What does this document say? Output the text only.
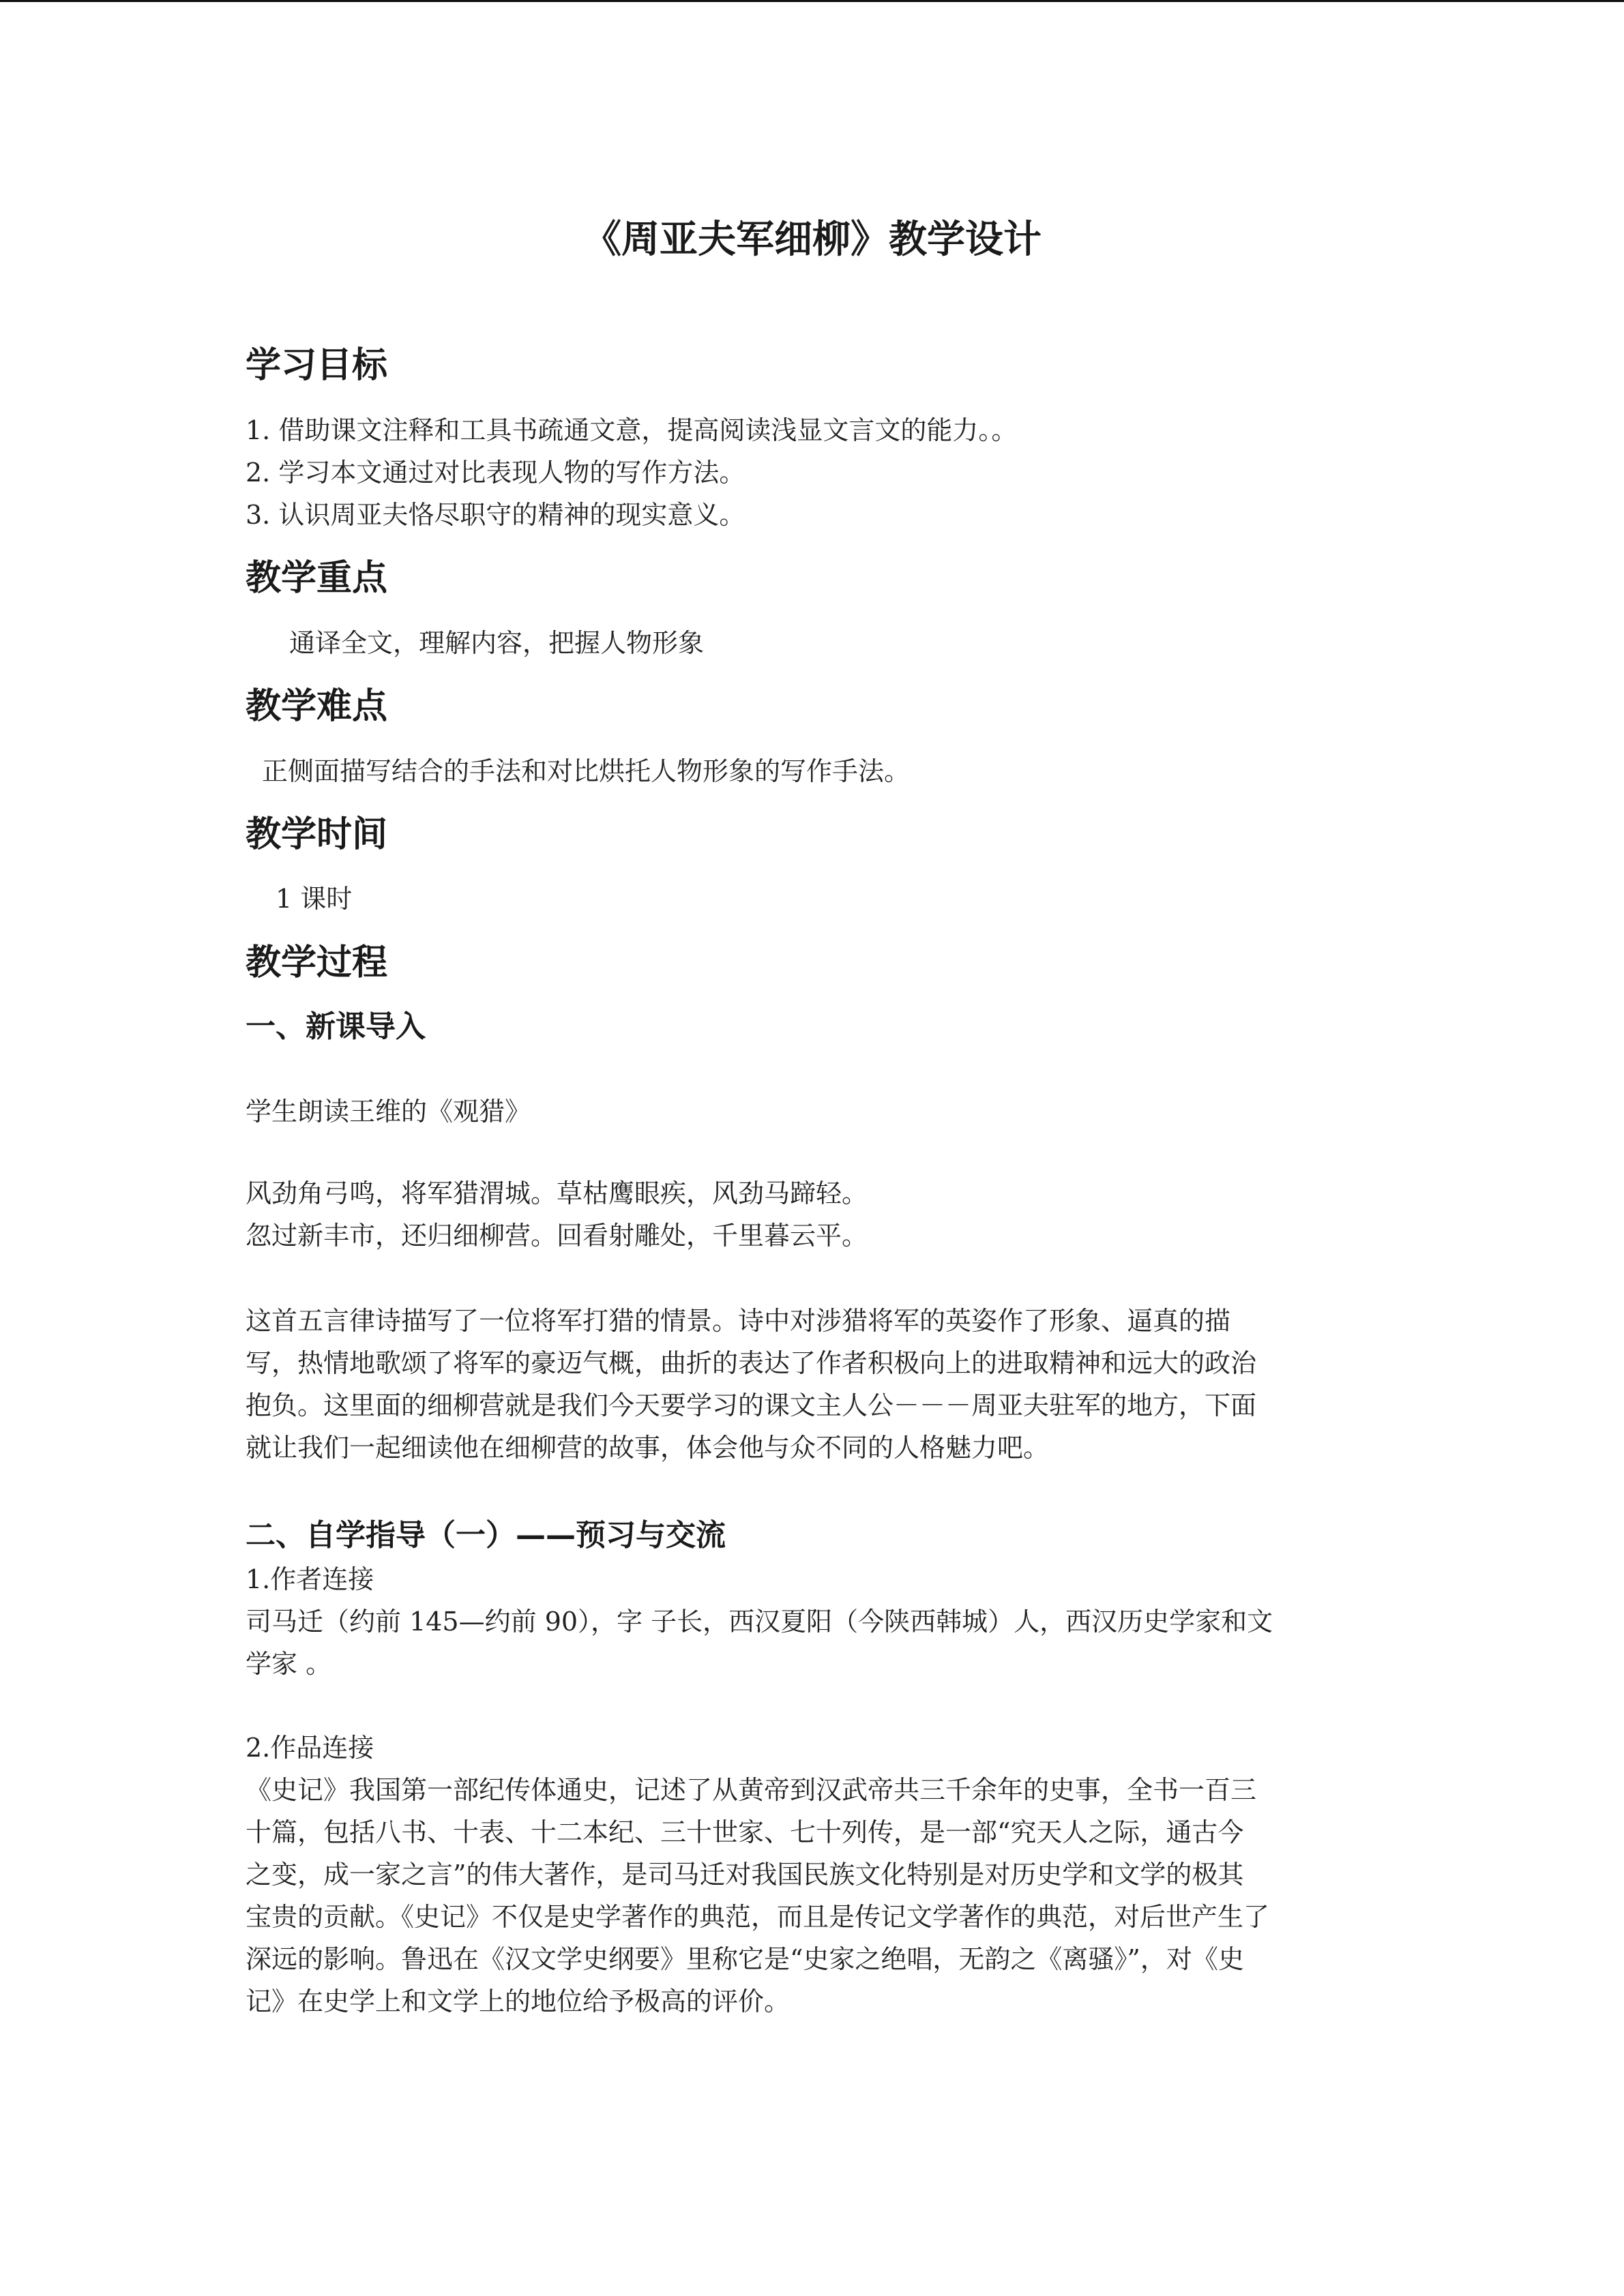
《周亚夫军细柳》教学设计
学习目标
1. 借助课文注释和工具书疏通文意，提高阅读浅显文言文的能力。。
2. 学习本文通过对比表现人物的写作方法。
3. 认识周亚夫恪尽职守的精神的现实意义。
教学重点
通译全文，理解内容，把握人物形象
教学难点
正侧面描写结合的手法和对比烘托人物形象的写作手法。
教学时间
1 课时
教学过程
一、新课导入
学生朗读王维的《观猎》
风劲角弓鸣，将军猎渭城。草枯鹰眼疾，风劲马蹄轻。
忽过新丰市，还归细柳营。回看射雕处，千里暮云平。
这首五言律诗描写了一位将军打猎的情景。诗中对涉猎将军的英姿作了形象、逼真的描
写，热情地歌颂了将军的豪迈气概，曲折的表达了作者积极向上的进取精神和远大的政治
抱负。这里面的细柳营就是我们今天要学习的课文主人公－－－周亚夫驻军的地方，下面
就让我们一起细读他在细柳营的故事，体会他与众不同的人格魅力吧。
二、自学指导（一）——预习与交流
1.作者连接
司马迁（约前 145—约前 90），字 子长，西汉夏阳（今陕西韩城）人，西汉历史学家和文
学家 。
2.作品连接
《史记》我国第一部纪传体通史，记述了从黄帝到汉武帝共三千余年的史事，全书一百三
十篇，包括八书、十表、十二本纪、三十世家、七十列传，是一部“究天人之际，通古今
之变，成一家之言”的伟大著作，是司马迁对我国民族文化特别是对历史学和文学的极其
宝贵的贡献。《史记》不仅是史学著作的典范，而且是传记文学著作的典范，对后世产生了
深远的影响。鲁迅在《汉文学史纲要》里称它是“史家之绝唱，无韵之《离骚》”，对《史
记》在史学上和文学上的地位给予极高的评价。
